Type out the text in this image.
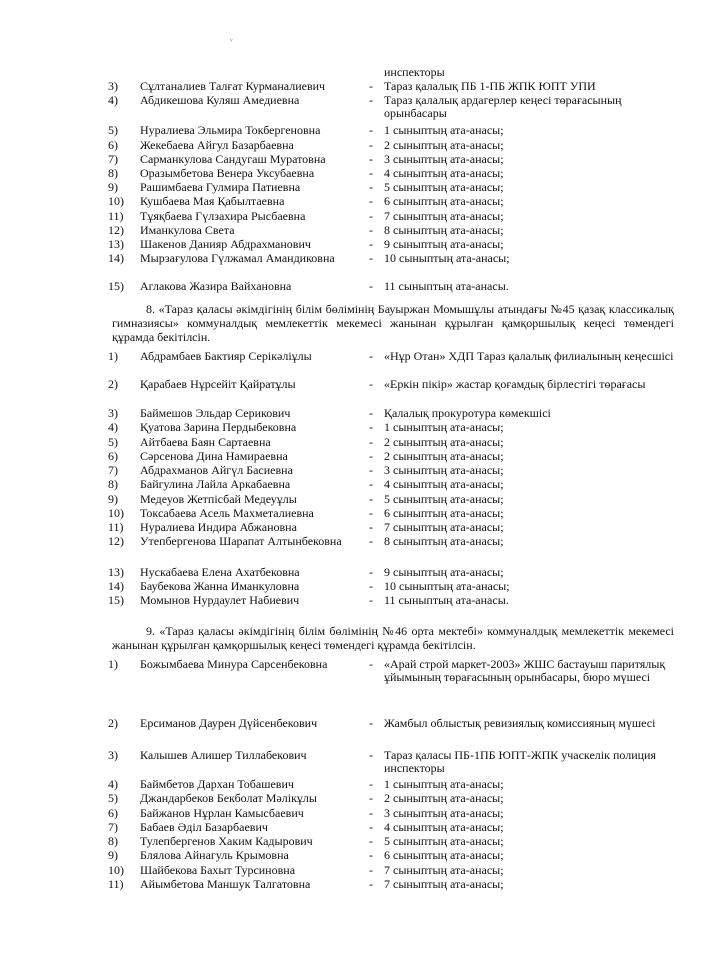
ᵛ
инспекторы
3)	Сұлтаналиев Талғат Курманалиевич	- Тараз қалалық ПБ 1-ПБ ЖПК ЮПТ УПИ
4)	Абдикешова Куляш Амедиевна	- Тараз қалалық ардагерлер кеңесі төрағасының орынбасары
5)	Нуралиева Эльмира Токбергеновна	- 1 сыныптың ата-анасы;
6)	Жекебаева Айгул Базарбаевна	- 2 сыныптың ата-анасы;
7)	Сарманкулова Сандугаш Муратовна	- 3 сыныптың ата-анасы;
8)	Оразымбетова Венера Уксубаевна	- 4 сыныптың ата-анасы;
9)	Рашимбаева Гулмира Патиевна	- 5 сыныптың ата-анасы;
10)	Кушбаева Мая Қабылтаевна	- 6 сыныптың ата-анасы;
11)	Тұяқбаева Гүлзахира Рысбаевна	- 7 сыныптың ата-анасы;
12)	Иманкулова Света	- 8 сыныптың ата-анасы;
13)	Шакенов Данияр Абдрахманович	- 9 сыныптың ата-анасы;
14)	Мырзағулова Гүлжамал Амандиковна	- 10 сыныптың ата-анасы;
15)	Аглакова Жазира Вайхановна	- 11 сыныптың ата-анасы.
8. «Тараз қаласы әкімдігінің білім бөлімінің Бауыржан Момышұлы атындағы №45 қазақ классикалық гимназиясы» коммуналдық мемлекеттік мекемесі жанынан құрылған қамқоршылық кеңесі төмендегі құрамда бекітілсін.
1)	Абдрамбаев Бактияр Серікәліұлы	- «Нұр Отан» ХДП Тараз қалалық филиалының кеңесшісі
2)	Қарабаев Нұрсейіт Қайратұлы	- «Еркін пікір» жастар қоғамдық бірлестігі төрағасы
3)	Баймешов Эльдар Серикович	- Қалалық прокуротура көмекшісі
4)	Қуатова Зарина Пердыбековна	- 1 сыныптың ата-анасы;
5)	Айтбаева Баян Сартаевна	- 2 сыныптың ата-анасы;
6)	Сәрсенова Дина Намираевна	- 2 сыныптың ата-анасы;
7)	Абдрахманов Айгүл Басиевна	- 3 сыныптың ата-анасы;
8)	Байгулина Лайла Аркабаевна	- 4 сыныптың ата-анасы;
9)	Медеуов Жетпісбай Медеуұлы	- 5 сыныптың ата-анасы;
10)	Токсабаева Асель Махметалиевна	- 6 сыныптың ата-анасы;
11)	Нуралиева Индира Абжановна	- 7 сыныптың ата-анасы;
12)	Утепбергенова Шарапат Алтынбековна	- 8 сыныптың ата-анасы;
13)	Нускабаева Елена Ахатбековна	- 9 сыныптың ата-анасы;
14)	Баубекова Жанна Иманкуловна	- 10 сыныптың ата-анасы;
15)	Момынов Нурдаулет Набиевич	- 11 сыныптың ата-анасы.
9. «Тараз қаласы әкімдігінің білім бөлімінің №46 орта мектебі» коммуналдық мемлекеттік мекемесі жанынан құрылған қамқоршылық кеңесі төмендегі құрамда бекітілсін.
1)	Божымбаева Минура Сарсенбековна	- «Арай строй маркет-2003» ЖШС бастауыш паритялық ұйымының төрағасының орынбасары, бюро мүшесі
2)	Ерсиманов Даурен Дүйсенбекович	- Жамбыл облыстық ревизиялық комиссияның мүшесі
3)	Калышев Алишер Тиллабекович	- Тараз қаласы ПБ-1ПБ ЮПТ-ЖПК учаскелік полиция инспекторы
4)	Баймбетов Дархан Тобашевич	- 1 сыныптың ата-анасы;
5)	Джандарбеков Бекболат Мәлікұлы	- 2 сыныптың ата-анасы;
6)	Байжанов Нұрлан Камысбаевич	- 3 сыныптың ата-анасы;
7)	Бабаев Әділ Базарбаевич	- 4 сыныптың ата-анасы;
8)	Тулепбергенов Хаким Кадырович	- 5 сыныптың ата-анасы;
9)	Блялова Айнагуль Крымовна	- 6 сыныптың ата-анасы;
10)	Шайбекова Бахыт Турсиновна	- 7 сыныптың ата-анасы;
11)	Айымбетова Маншук Талгатовна	- 7 сыныптың ата-анасы;
